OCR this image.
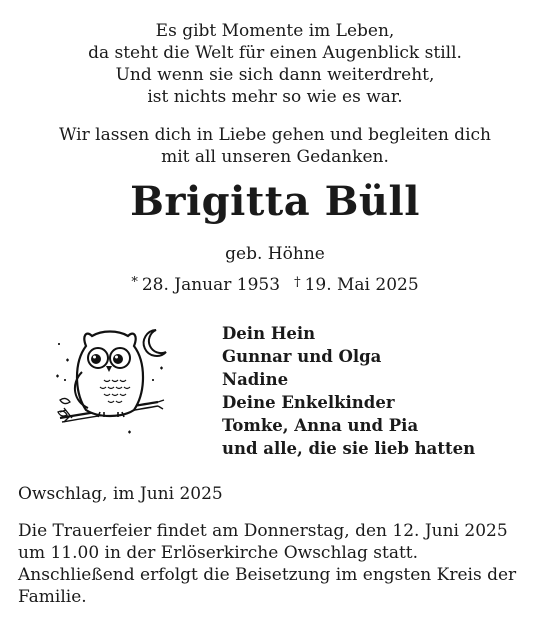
Es gibt Momente im Leben,
da steht die Welt für einen Augenblick still.
Und wenn sie sich dann weiterdreht,
ist nichts mehr so wie es war.
Wir lassen dich in Liebe gehen und begleiten dich
mit all unseren Gedanken.
Brigitta Büll
geb. Höhne
* 28. Januar 1953 † 19. Mai 2025
Dein Hein
Gunnar und Olga
Nadine
Deine Enkelkinder
Tomke, Anna und Pia
und alle, die sie lieb hatten
Owschlag, im Juni 2025
Die Trauerfeier findet am Donnerstag, den 12. Juni 2025
um 11.00 in der Erlöserkirche Owschlag statt.
Anschließend erfolgt die Beisetzung im engsten Kreis der
Familie.
